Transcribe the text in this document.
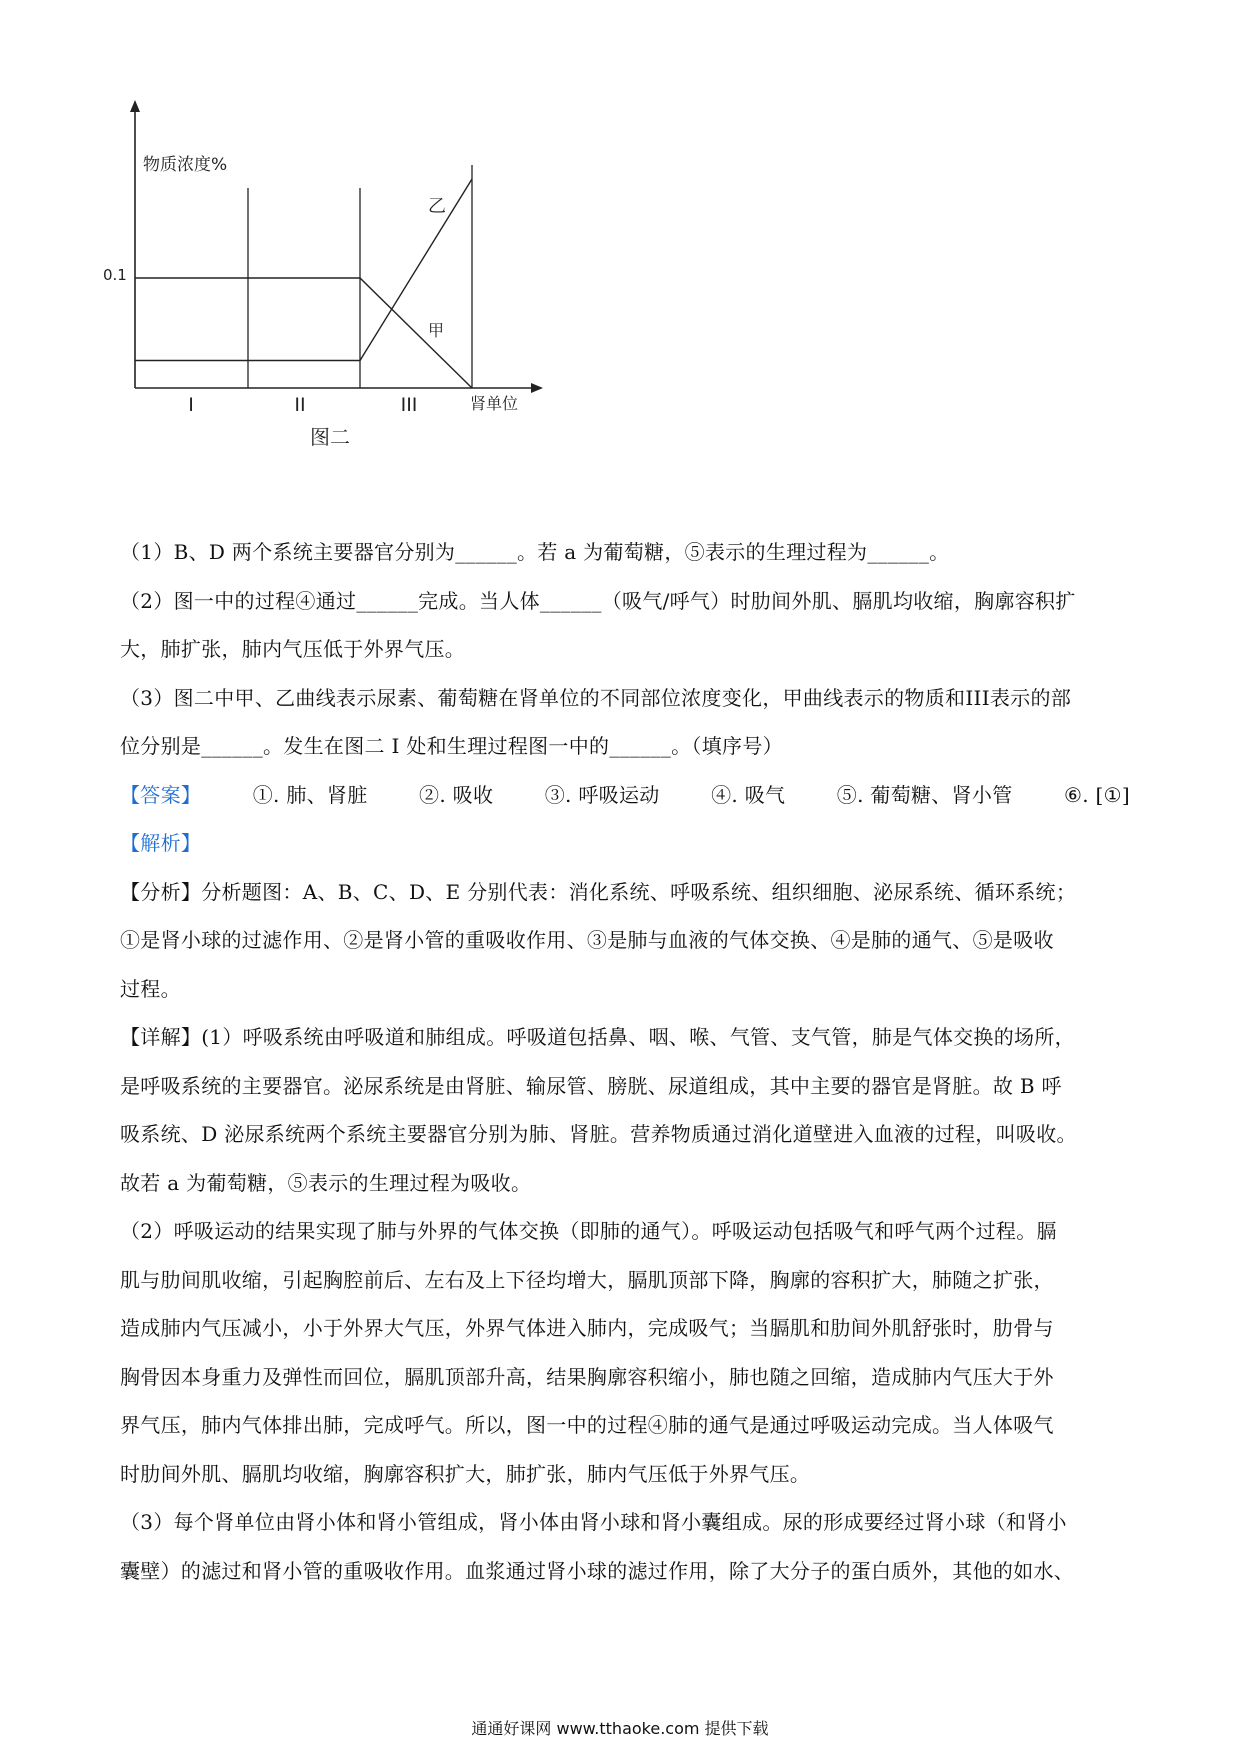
物质浓度%
0.1
乙
甲
I	II	III	肾单位
图二

（1）B、D 两个系统主要器官分别为______。若 a 为葡萄糖，⑤表示的生理过程为______。

（2）图一中的过程④通过______完成。当人体______（吸气/呼气）时肋间外肌、膈肌均收缩，胸廓容积扩

大，肺扩张，肺内气压低于外界气压。

（3）图二中甲、乙曲线表示尿素、葡萄糖在肾单位的不同部位浓度变化，甲曲线表示的物质和III表示的部

位分别是______。发生在图二 I 处和生理过程图一中的______。（填序号）

【答案】	①. 肺、肾脏	②. 吸收	③. 呼吸运动	④. 吸气	⑤. 葡萄糖、肾小管	⑥. [①]

【解析】

【分析】分析题图：A、B、C、D、E 分别代表：消化系统、呼吸系统、组织细胞、泌尿系统、循环系统；

①是肾小球的过滤作用、②是肾小管的重吸收作用、③是肺与血液的气体交换、④是肺的通气、⑤是吸收

过程。

【详解】(1）呼吸系统由呼吸道和肺组成。呼吸道包括鼻、咽、喉、气管、支气管，肺是气体交换的场所，

是呼吸系统的主要器官。泌尿系统是由肾脏、输尿管、膀胱、尿道组成，其中主要的器官是肾脏。故 B 呼

吸系统、D 泌尿系统两个系统主要器官分别为肺、肾脏。营养物质通过消化道壁进入血液的过程，叫吸收。

故若 a 为葡萄糖，⑤表示的生理过程为吸收。

（2）呼吸运动的结果实现了肺与外界的气体交换（即肺的通气）。呼吸运动包括吸气和呼气两个过程。膈

肌与肋间肌收缩，引起胸腔前后、左右及上下径均增大，膈肌顶部下降，胸廓的容积扩大，肺随之扩张，

造成肺内气压减小，小于外界大气压，外界气体进入肺内，完成吸气；当膈肌和肋间外肌舒张时，肋骨与

胸骨因本身重力及弹性而回位，膈肌顶部升高，结果胸廓容积缩小，肺也随之回缩，造成肺内气压大于外

界气压，肺内气体排出肺，完成呼气。所以，图一中的过程④肺的通气是通过呼吸运动完成。当人体吸气

时肋间外肌、膈肌均收缩，胸廓容积扩大，肺扩张，肺内气压低于外界气压。

（3）每个肾单位由肾小体和肾小管组成，肾小体由肾小球和肾小囊组成。尿的形成要经过肾小球（和肾小

囊壁）的滤过和肾小管的重吸收作用。血浆通过肾小球的滤过作用，除了大分子的蛋白质外，其他的如水、

通通好课网 www.tthaoke.com 提供下载
